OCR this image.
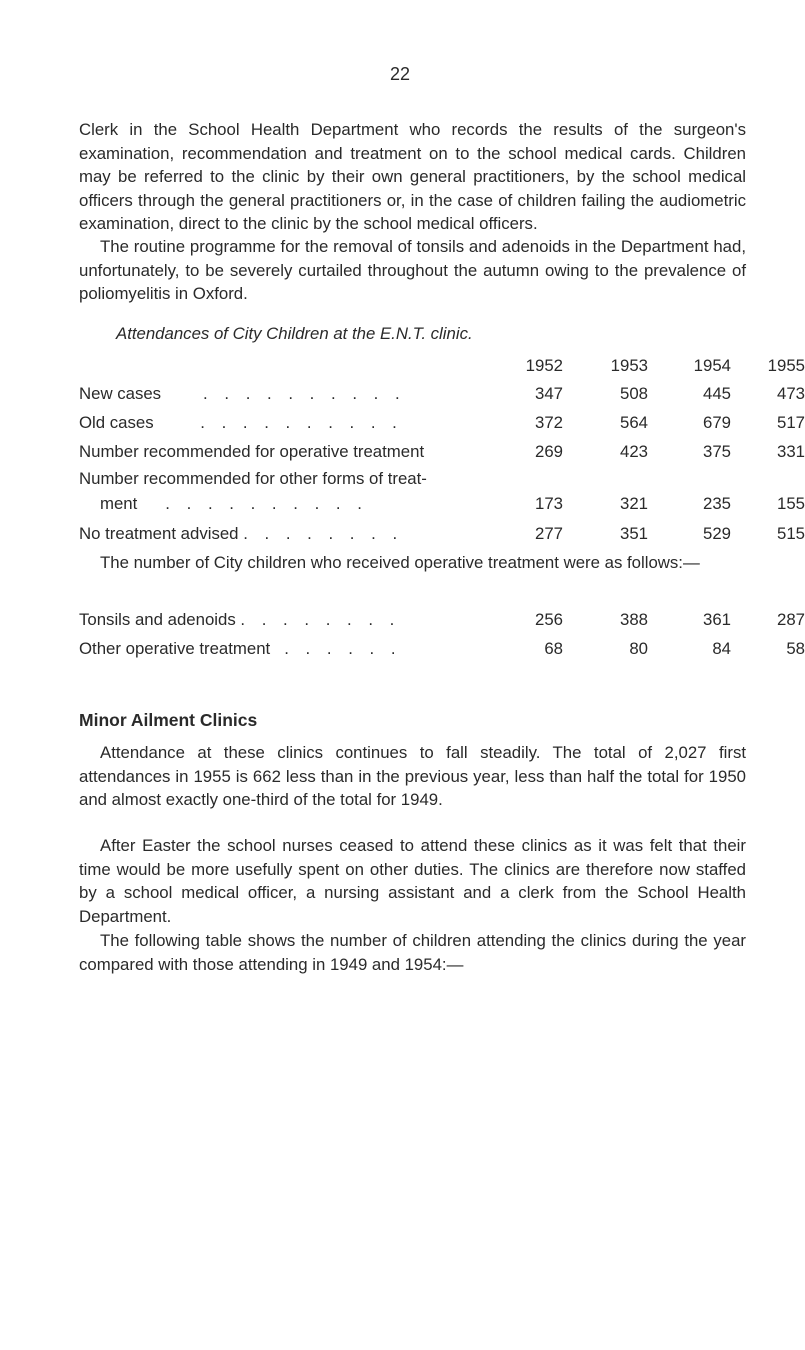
22

Clerk in the School Health Department who records the results of the surgeon's examination, recommendation and treatment on to the school medical cards. Children may be referred to the clinic by their own general practitioners, by the school medical officers through the general practitioners or, in the case of children failing the audiometric examination, direct to the clinic by the school medical officers.

The routine programme for the removal of tonsils and adenoids in the Department had, unfortunately, to be severely curtailed throughout the autumn owing to the prevalence of poliomyelitis in Oxford.

Attendances of City Children at the E.N.T. clinic.
1952	1953	1954	1955
New cases . . . . . . . . . .	347	508	445	473
Old cases	. . . . . . . . . .	372	564	679	517
Number recommended for operative treatment	269	423	375	331
Number recommended for other forms of treat-
ment . . . . . . . . . .	173	321	235	155
No treatment advised . . . . . . . .	277	351	529	515

The number of City children who received operative treatment were as follows:—

Tonsils and adenoids . . . . . . . .	256	388	361	287
Other operative treatment . . . . . .	68	80	84	58
Minor Ailment Clinics

Attendance at these clinics continues to fall steadily. The total of 2,027 first attendances in 1955 is 662 less than in the previous year, less than half the total for 1950 and almost exactly one-third of the total for 1949.

After Easter the school nurses ceased to attend these clinics as it was felt that their time would be more usefully spent on other duties. The clinics are therefore now staffed by a school medical officer, a nursing assistant and a clerk from the School Health Department.

The following table shows the number of children attending the clinics during the year compared with those attending in 1949 and 1954:—
